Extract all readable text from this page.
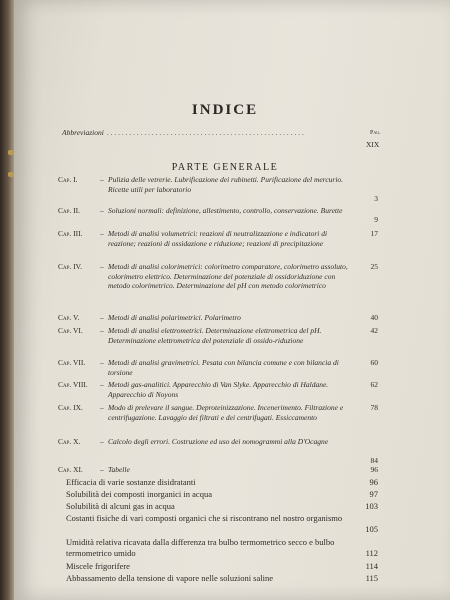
INDICE
Abbreviazioni . . . . . . . . . . . . . . . . . . . . . . . . . . . . . . . . . . . . . . . . . . . . . . . . . . . . .	Pag.
XIX
PARTE GENERALE
Cap. I.	– Pulizia delle vetrerie. Lubrificazione dei rubinetti. Purificazione del mercurio. Ricette utili per laboratorio
3
Cap. II.	– Soluzioni normali: definizione, allestimento, controllo, conservazione. Burette
9
Cap. III.	– Metodi di analisi volumetrici: reazioni di neutralizzazione e indicatori di reazione; reazioni di ossidazione e riduzione; reazioni di precipitazione
17
Cap. IV.	– Metodi di analisi colorimetrici: colorimetro comparatore, colorimetro assoluto, colorimetro elettrico. Determinazione del potenziale di ossidoriduzione con metodo colorimetrico. Determinazione del pH con metodo colorimetrico
25
Cap. V.	– Metodi di analisi polarimetrici. Polarimetro	40
Cap. VI.	– Metodi di analisi elettrometrici. Determinazione elettrometrica del pH. Determinazione elettrometrica del potenziale di ossido-riduzione
42
Cap. VII.	– Metodi di analisi gravimetrici. Pesata con bilancia comune e con bilancia di torsione
60
Cap. VIII.	– Metodi gas-analitici. Apparecchio di Van Slyke. Apparecchio di Haldane. Apparecchio di Noyons
62
Cap. IX.	– Modo di prelevare il sangue. Deproteinizzazione. Incenerimento. Filtrazione e centrifugazione. Lavaggio dei filtrati e dei centrifugati. Essiccamento
78
Cap. X.	– Calcolo degli errori. Costruzione ed uso dei nomogrammi alla D'Ocagne
84
Cap. XI.	– Tabelle	96
Efficacia di varie sostanze disidratanti	96
Solubilità dei composti inorganici in acqua	97
Solubilità di alcuni gas in acqua	103
Costanti fisiche di vari composti organici che si riscontrano nel nostro organismo
105
Umidità relativa ricavata dalla differenza tra bulbo termometrico secco e bulbo termometrico umido	112
Miscele frigorifere	114
Abbassamento della tensione di vapore nelle soluzioni saline	115
